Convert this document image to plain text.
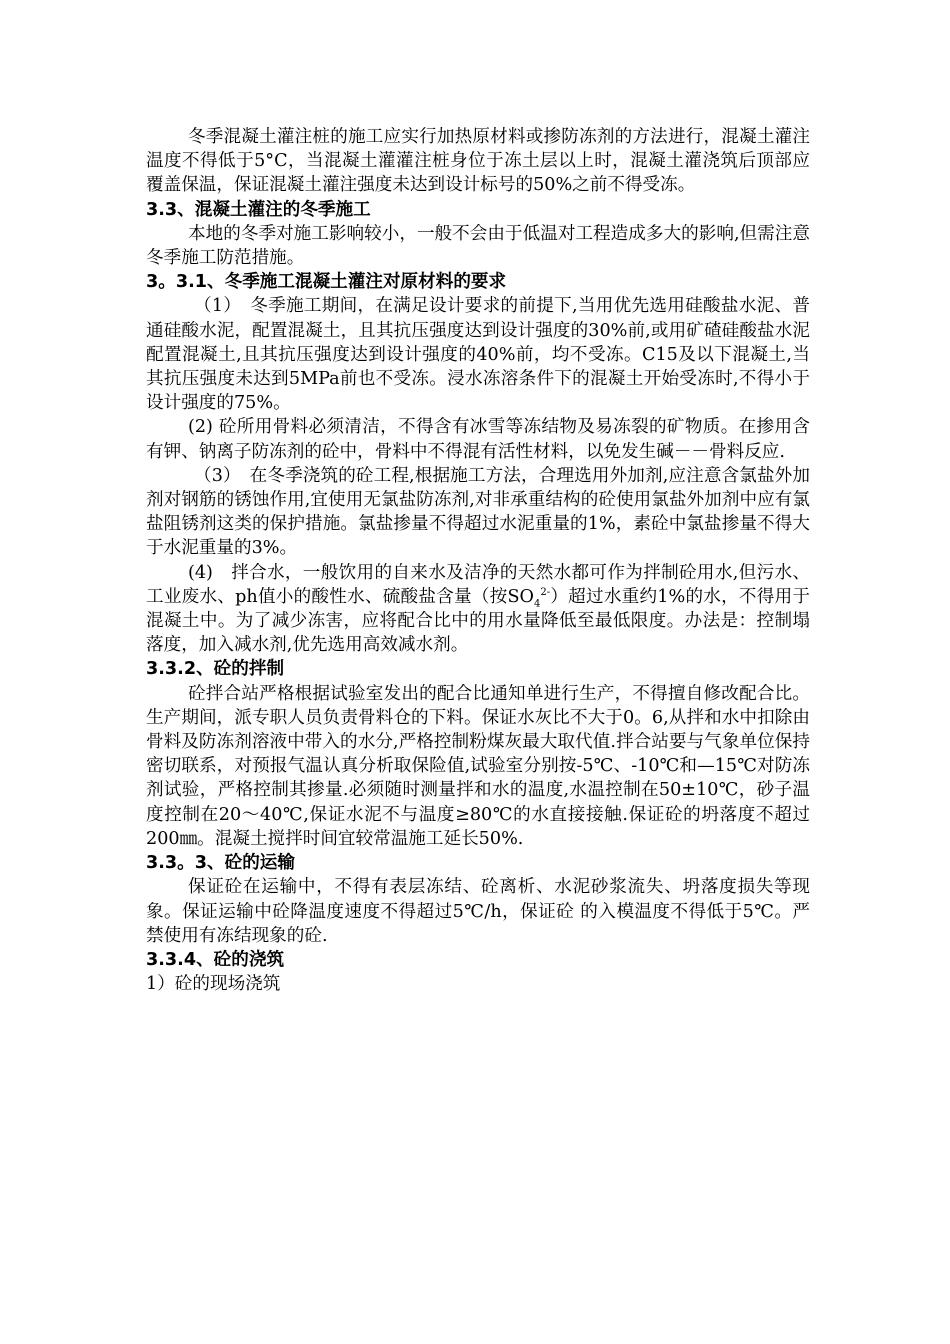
冬季混凝土灌注桩的施工应实行加热原材料或掺防冻剂的方法进行，混凝土灌注温度不得低于5°C，当混凝土灌灌注桩身位于冻土层以上时，混凝土灌浇筑后顶部应覆盖保温，保证混凝土灌注强度未达到设计标号的50%之前不得受冻。

3.3、混凝土灌注的冬季施工

本地的冬季对施工影响较小，一般不会由于低温对工程造成多大的影响,但需注意冬季施工防范措施。

3。3.1、冬季施工混凝土灌注对原材料的要求

（1）　冬季施工期间，在满足设计要求的前提下,当用优先选用硅酸盐水泥、普通硅酸水泥，配置混凝土，且其抗压强度达到设计强度的30%前,或用矿碴硅酸盐水泥配置混凝土,且其抗压强度达到设计强度的40%前，均不受冻。C15及以下混凝土,当其抗压强度未达到5MPa前也不受冻。浸水冻溶条件下的混凝土开始受冻时,不得小于设计强度的75%。

(2) 砼所用骨料必须清洁，不得含有冰雪等冻结物及易冻裂的矿物质。在掺用含有钾、钠离子防冻剂的砼中，骨料中不得混有活性材料，以免发生碱－－骨料反应.

（3）　在冬季浇筑的砼工程,根据施工方法，合理选用外加剂,应注意含氯盐外加剂对钢筋的锈蚀作用,宜使用无氯盐防冻剂,对非承重结构的砼使用氯盐外加剂中应有氯盐阻锈剂这类的保护措施。氯盐掺量不得超过水泥重量的1%，素砼中氯盐掺量不得大于水泥重量的3%。

(4)　拌合水，一般饮用的自来水及洁净的天然水都可作为拌制砼用水,但污水、工业废水、ph值小的酸性水、硫酸盐含量（按$SO_4^{2-}$）超过水重约1%的水，不得用于混凝土中。为了减少冻害，应将配合比中的用水量降低至最低限度。办法是：控制塌落度，加入减水剂,优先选用高效减水剂。

3.3.2、砼的拌制

砼拌合站严格根据试验室发出的配合比通知单进行生产，不得擅自修改配合比。生产期间，派专职人员负责骨料仓的下料。保证水灰比不大于0。6,从拌和水中扣除由骨料及防冻剂溶液中带入的水分,严格控制粉煤灰最大取代值.拌合站要与气象单位保持密切联系，对预报气温认真分析取保险值,试验室分别按-5℃、-10℃和—15℃对防冻剂试验，严格控制其掺量.必须随时测量拌和水的温度,水温控制在50±10℃，砂子温度控制在20～40℃,保证水泥不与温度≥80℃的水直接接触.保证砼的坍落度不超过200㎜。混凝土搅拌时间宜较常温施工延长50%.

3.3。3、砼的运输

保证砼在运输中，不得有表层冻结、砼离析、水泥砂浆流失、坍落度损失等现象。保证运输中砼降温度速度不得超过5℃/h，保证砼 的入模温度不得低于5℃。严禁使用有冻结现象的砼.

3.3.4、砼的浇筑

1）砼的现场浇筑
